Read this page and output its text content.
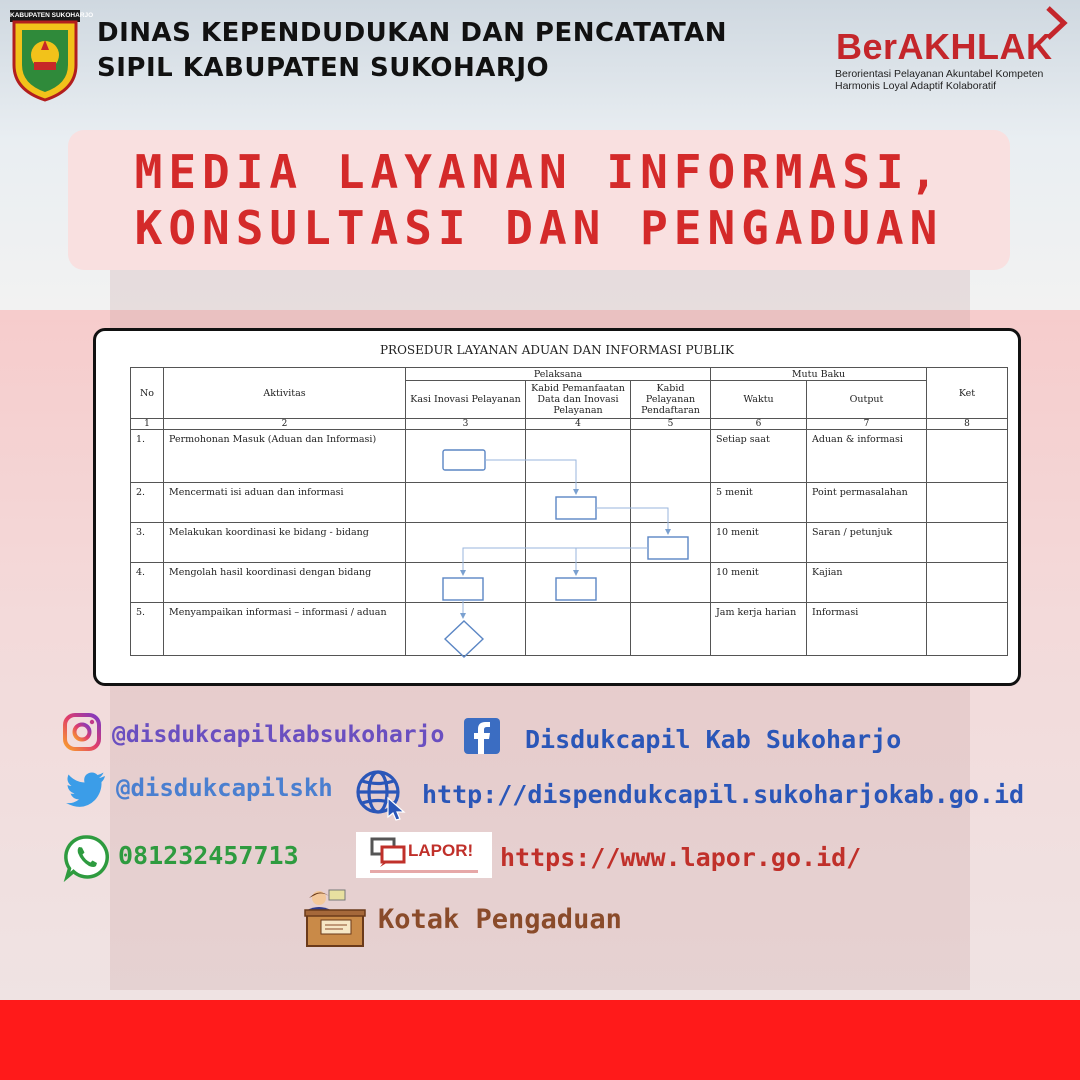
KABUPATEN SUKOHARJO
DINAS KEPENDUDUKAN DAN PENCATATAN
SIPIL KABUPATEN SUKOHARJO
BerAKHLAK
Berorientasi Pelayanan Akuntabel Kompeten
Harmonis Loyal Adaptif Kolaboratif
MEDIA LAYANAN INFORMASI,
KONSULTASI DAN PENGADUAN
PROSEDUR LAYANAN ADUAN DAN INFORMASI PUBLIK
No	Aktivitas	Pelaksana			Mutu Baku		Ket
		Kasi Inovasi Pelayanan	Kabid Pemanfaatan Data dan Inovasi Pelayanan	Kabid Pelayanan Pendaftaran	Waktu	Output	
1	2	3	4	5	6	7	8
1.	Permohonan Masuk (Aduan dan Informasi)				Setiap saat	Aduan & informasi	
2.	Mencermati isi aduan dan informasi				5 menit	Point permasalahan	
3.	Melakukan koordinasi ke bidang - bidang				10 menit	Saran / petunjuk	
4.	Mengolah hasil koordinasi dengan bidang				10 menit	Kajian	
5.	Menyampaikan informasi – informasi / aduan				Jam kerja harian	Informasi	
@disdukcapilkabsukoharjo	Disdukcapil Kab Sukoharjo
@disdukcapilskh	http://dispendukcapil.sukoharjokab.go.id
081232457713	LAPOR! https://www.lapor.go.id/
Kotak Pengaduan
